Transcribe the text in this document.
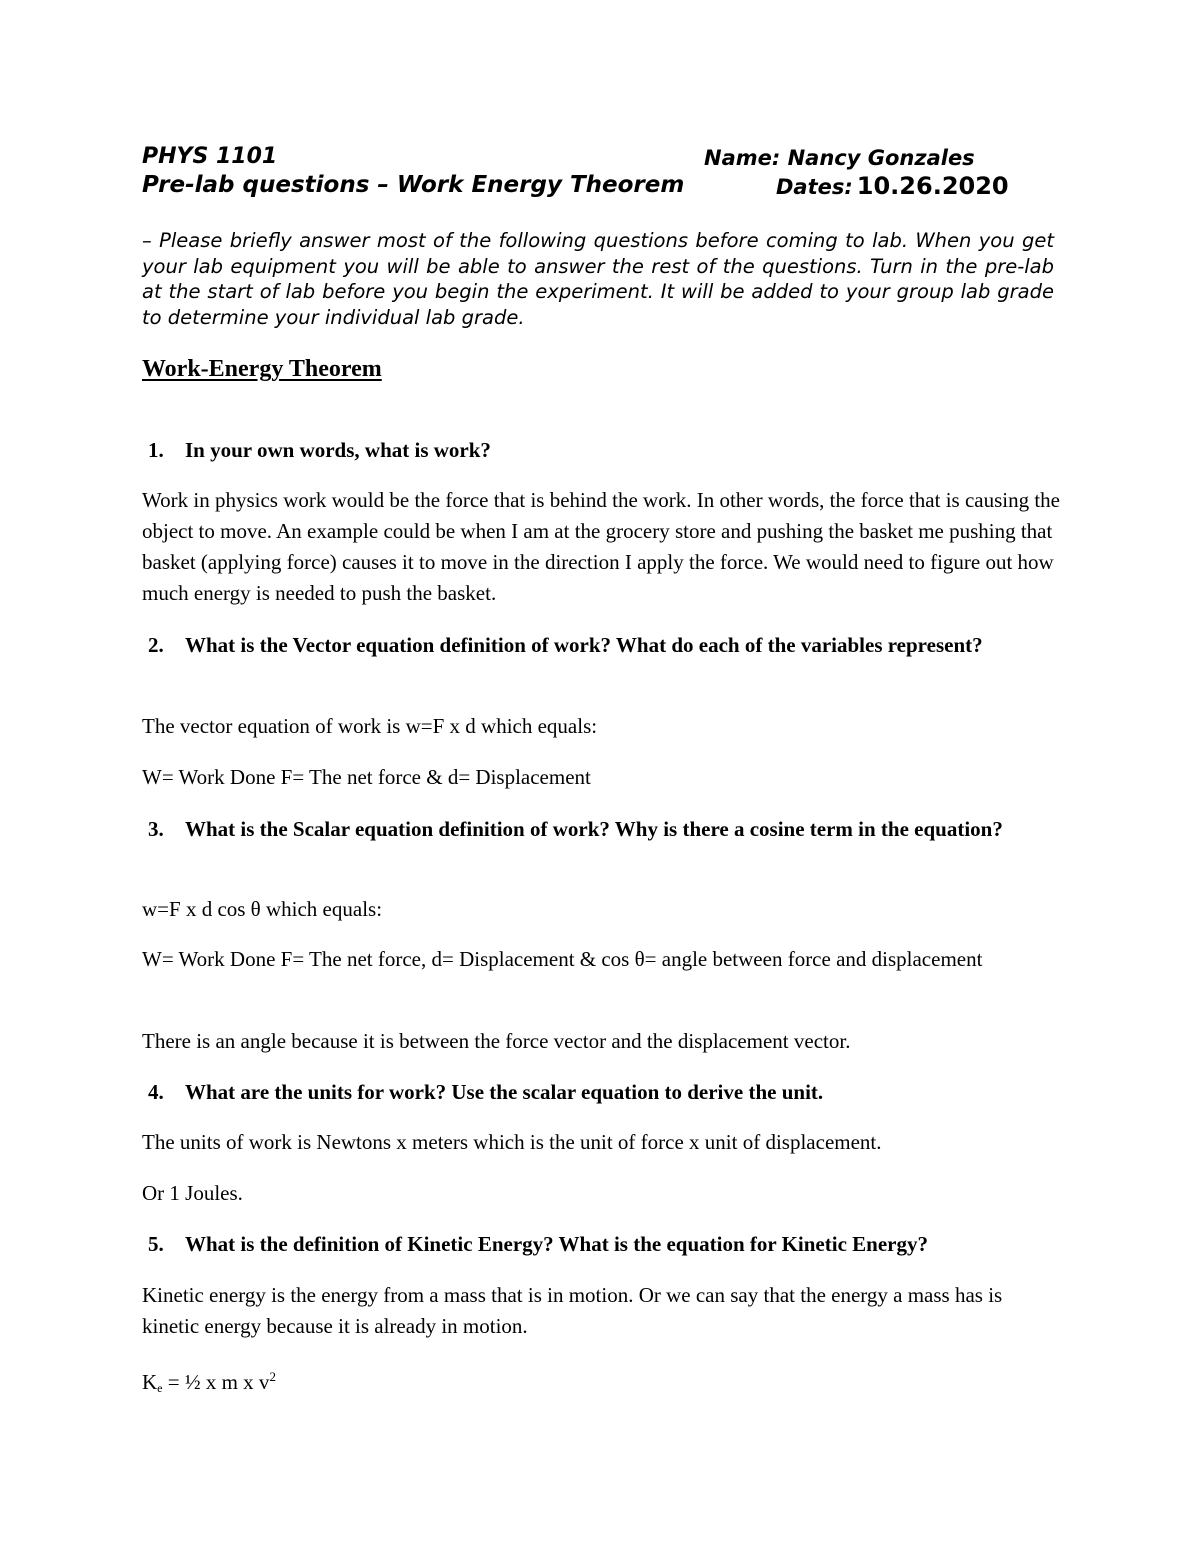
PHYS 1101	Name: Nancy Gonzales
Pre-lab questions – Work Energy Theorem	Dates: 10.26.2020
– Please briefly answer most of the following questions before coming to lab. When you get your lab equipment you will be able to answer the rest of the questions. Turn in the pre-lab at the start of lab before you begin the experiment. It will be added to your group lab grade to determine your individual lab grade.
Work-Energy Theorem
1. In your own words, what is work?
Work in physics work would be the force that is behind the work. In other words, the force that is causing the object to move. An example could be when I am at the grocery store and pushing the basket me pushing that basket (applying force) causes it to move in the direction I apply the force. We would need to figure out how much energy is needed to push the basket.
2. What is the Vector equation definition of work? What do each of the variables represent?
The vector equation of work is w=F x d which equals:
W= Work Done F= The net force & d= Displacement
3. What is the Scalar equation definition of work? Why is there a cosine term in the equation?
w=F x d cos θ which equals:
W= Work Done F= The net force, d= Displacement & cos θ= angle between force and displacement
There is an angle because it is between the force vector and the displacement vector.
4. What are the units for work? Use the scalar equation to derive the unit.
The units of work is Newtons x meters which is the unit of force x unit of displacement.
Or 1 Joules.
5. What is the definition of Kinetic Energy? What is the equation for Kinetic Energy?
Kinetic energy is the energy from a mass that is in motion. Or we can say that the energy a mass has is kinetic energy because it is already in motion.
$K_e$ = ½ x m x $v^2$
